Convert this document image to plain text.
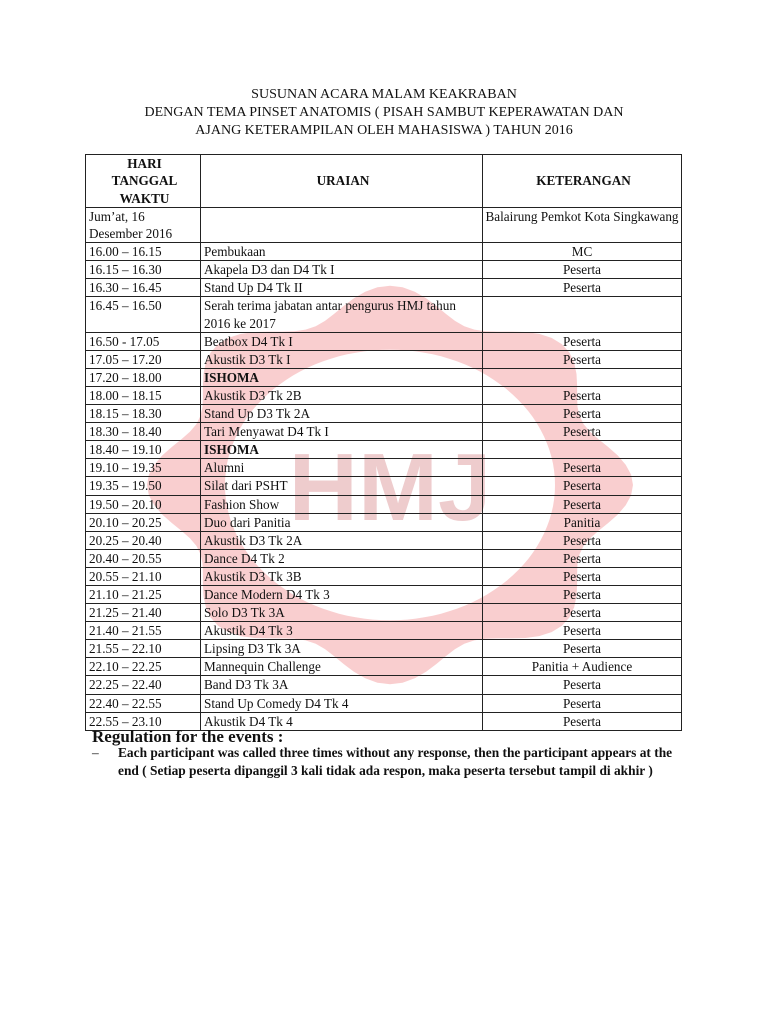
HMJ
SUSUNAN ACARA MALAM KEAKRABAN
DENGAN TEMA PINSET ANATOMIS ( PISAH SAMBUT KEPERAWATAN DAN
AJANG KETERAMPILAN OLEH MAHASISWA ) TAHUN 2016
HARI
TANGGAL
WAKTU	URAIAN	KETERANGAN
Jum’at, 16 Desember 2016		Balairung Pemkot Kota Singkawang
16.00 – 16.15	Pembukaan	MC
16.15 – 16.30	Akapela D3 dan D4 Tk I	Peserta
16.30 – 16.45	Stand Up D4 Tk II	Peserta
16.45 – 16.50	Serah terima jabatan antar pengurus HMJ tahun 2016 ke 2017	
16.50 - 17.05	Beatbox D4 Tk I	Peserta
17.05 – 17.20	Akustik D3 Tk I	Peserta
17.20 – 18.00	ISHOMA	
18.00 – 18.15	Akustik D3 Tk 2B	Peserta
18.15 – 18.30	Stand Up D3 Tk 2A	Peserta
18.30 – 18.40	Tari Menyawat D4 Tk I	Peserta
18.40 – 19.10	ISHOMA	
19.10 – 19.35	Alumni	Peserta
19.35 – 19.50	Silat dari PSHT	Peserta
19.50 – 20.10	Fashion Show	Peserta
20.10 – 20.25	Duo dari Panitia	Panitia
20.25 – 20.40	Akustik D3 Tk 2A	Peserta
20.40 – 20.55	Dance D4 Tk 2	Peserta
20.55 – 21.10	Akustik D3 Tk 3B	Peserta
21.10 – 21.25	Dance Modern D4 Tk 3	Peserta
21.25 – 21.40	Solo D3 Tk 3A	Peserta
21.40 – 21.55	Akustik D4 Tk 3	Peserta
21.55 – 22.10	Lipsing D3 Tk 3A	Peserta
22.10 – 22.25	Mannequin Challenge	Panitia + Audience
22.25 – 22.40	Band D3 Tk 3A	Peserta
22.40 – 22.55	Stand Up Comedy D4 Tk 4	Peserta
22.55 – 23.10	Akustik D4 Tk 4	Peserta
Regulation for the events :
–	Each participant was called three times without any response, then the participant appears at the end ( Setiap peserta dipanggil 3 kali tidak ada respon, maka peserta tersebut tampil di akhir )
